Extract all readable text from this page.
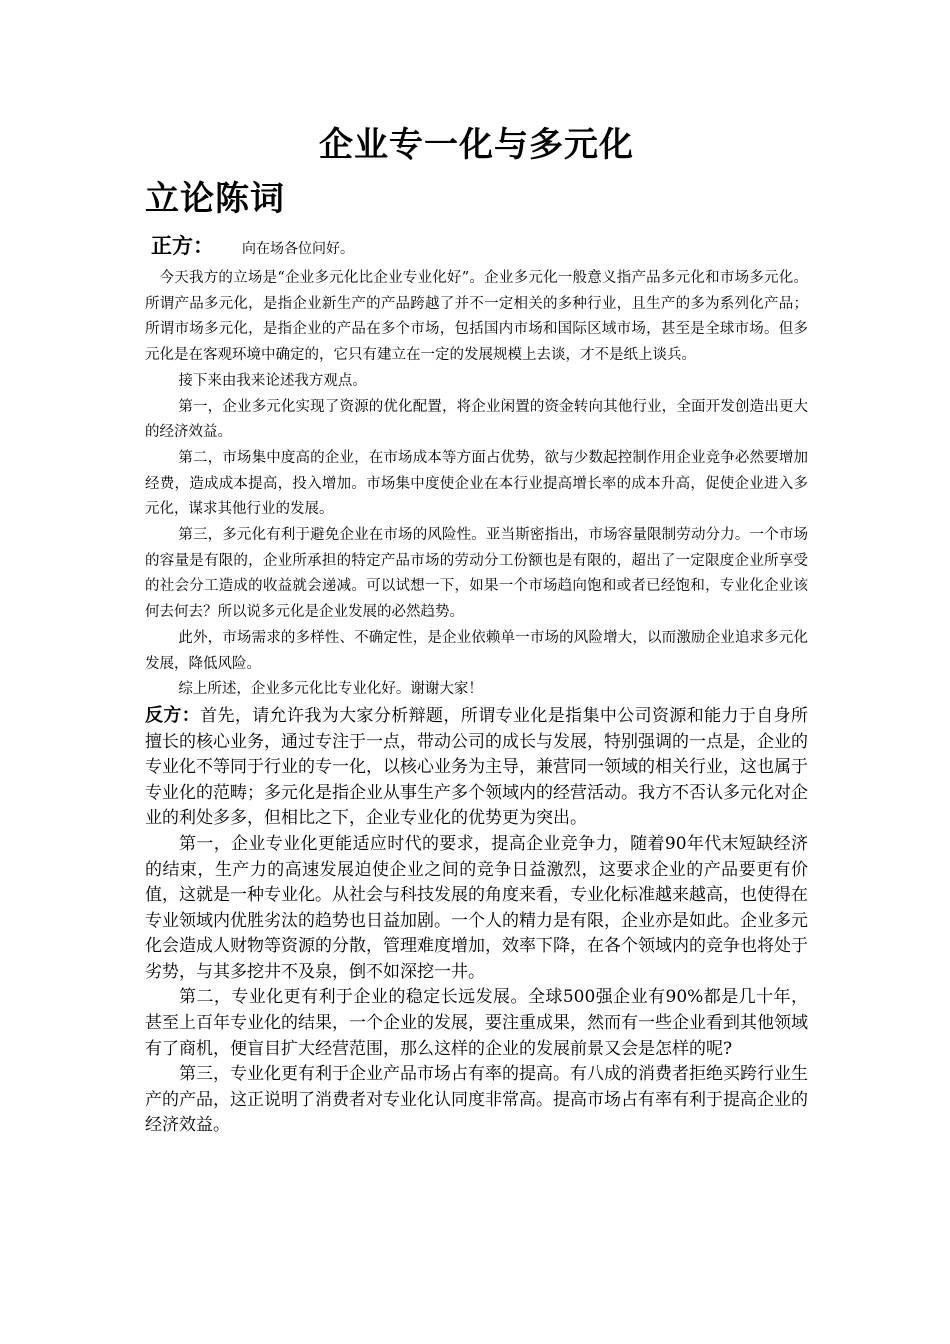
企业专一化与多元化
立论陈词
正方： 向在场各位问好。

今天我方的立场是“企业多元化比企业专业化好”。企业多元化一般意义指产品多元化和市场多元化。所谓产品多元化，是指企业新生产的产品跨越了并不一定相关的多种行业，且生产的多为系列化产品；所谓市场多元化，是指企业的产品在多个市场，包括国内市场和国际区域市场，甚至是全球市场。但多元化是在客观环境中确定的，它只有建立在一定的发展规模上去谈，才不是纸上谈兵。

接下来由我来论述我方观点。

第一，企业多元化实现了资源的优化配置，将企业闲置的资金转向其他行业，全面开发创造出更大的经济效益。

第二，市场集中度高的企业，在市场成本等方面占优势，欲与少数起控制作用企业竞争必然要增加经费，造成成本提高，投入增加。市场集中度使企业在本行业提高增长率的成本升高，促使企业进入多元化，谋求其他行业的发展。

第三，多元化有利于避免企业在市场的风险性。亚当斯密指出，市场容量限制劳动分力。一个市场的容量是有限的，企业所承担的特定产品市场的劳动分工份额也是有限的，超出了一定限度企业所享受的社会分工造成的收益就会递减。可以试想一下，如果一个市场趋向饱和或者已经饱和，专业化企业该何去何去？所以说多元化是企业发展的必然趋势。

此外，市场需求的多样性、不确定性，是企业依赖单一市场的风险增大，以而激励企业追求多元化发展，降低风险。

综上所述，企业多元化比专业化好。谢谢大家！

反方：首先，请允许我为大家分析辩题，所谓专业化是指集中公司资源和能力于自身所擅长的核心业务，通过专注于一点，带动公司的成长与发展，特别强调的一点是，企业的专业化不等同于行业的专一化，以核心业务为主导，兼营同一领域的相关行业，这也属于专业化的范畴；多元化是指企业从事生产多个领域内的经营活动。我方不否认多元化对企业的利处多多，但相比之下，企业专业化的优势更为突出。

第一，企业专业化更能适应时代的要求，提高企业竞争力，随着90年代末短缺经济的结束，生产力的高速发展迫使企业之间的竞争日益激烈，这要求企业的产品要更有价值，这就是一种专业化。从社会与科技发展的角度来看，专业化标准越来越高，也使得在专业领域内优胜劣汰的趋势也日益加剧。一个人的精力是有限，企业亦是如此。企业多元化会造成人财物等资源的分散，管理难度增加，效率下降，在各个领域内的竞争也将处于劣势，与其多挖井不及泉，倒不如深挖一井。

第二，专业化更有利于企业的稳定长远发展。全球500强企业有90%都是几十年，甚至上百年专业化的结果，一个企业的发展，要注重成果，然而有一些企业看到其他领域有了商机，便盲目扩大经营范围，那么这样的企业的发展前景又会是怎样的呢?

第三，专业化更有利于企业产品市场占有率的提高。有八成的消费者拒绝买跨行业生产的产品，这正说明了消费者对专业化认同度非常高。提高市场占有率有利于提高企业的经济效益。
